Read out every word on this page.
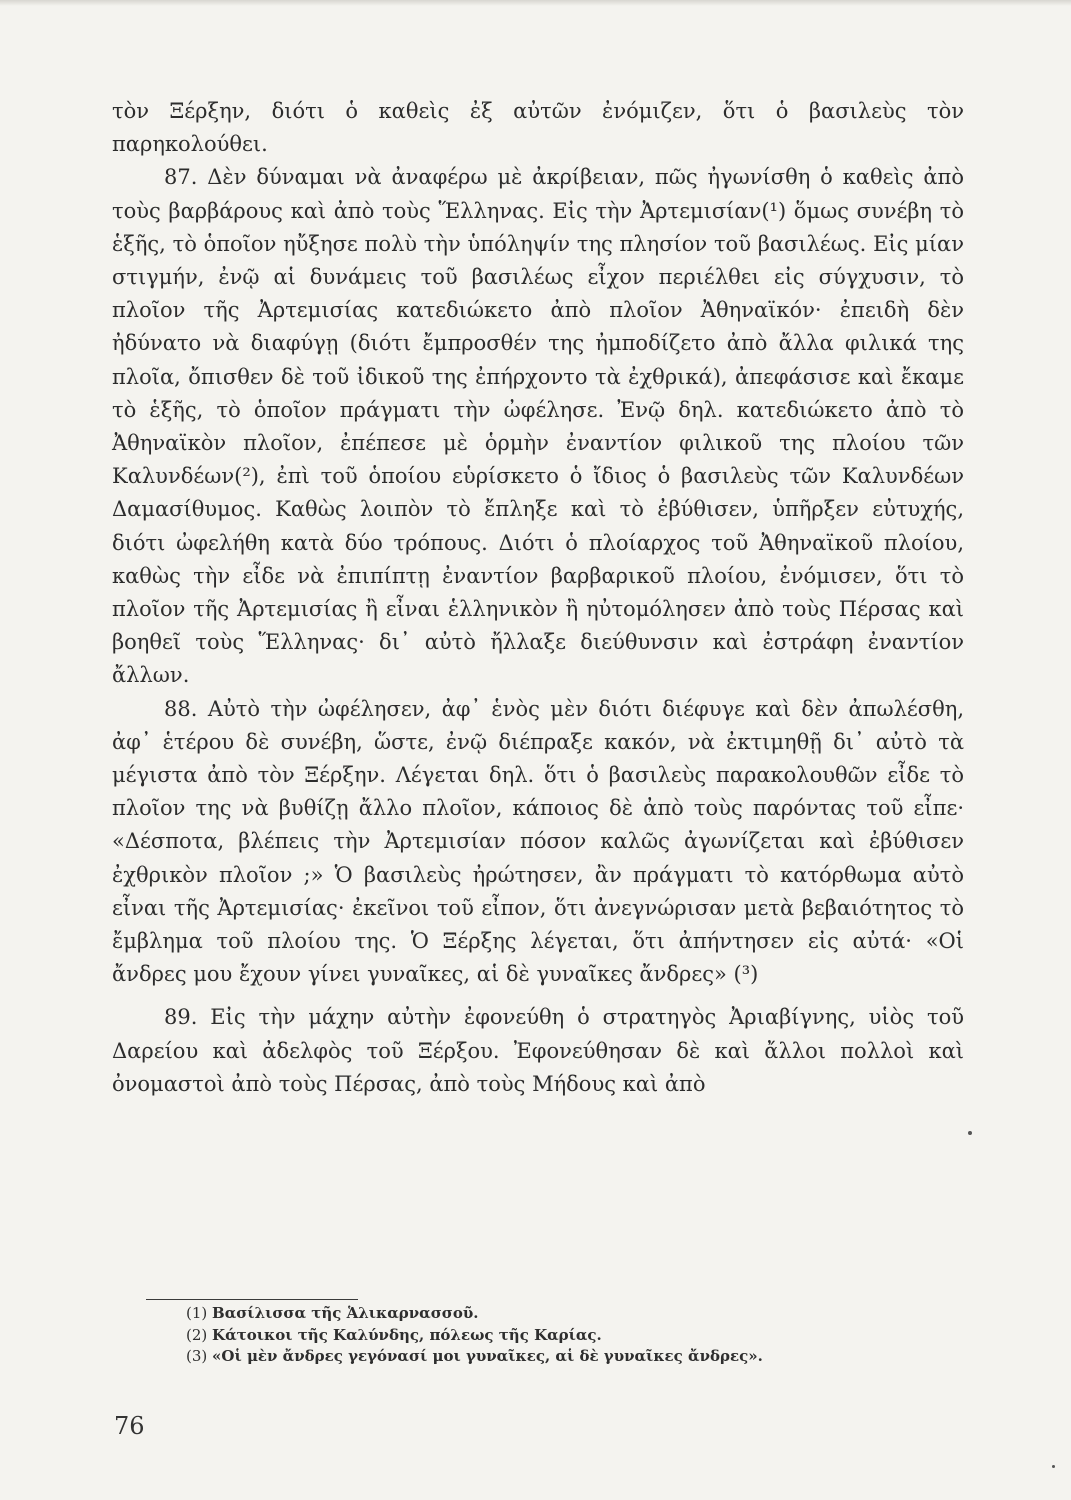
τὸν Ξέρξην, διότι ὁ καθεὶς ἐξ αὐτῶν ἐνόμιζεν, ὅτι ὁ βασιλεὺς τὸν παρηκολούθει.

87. Δὲν δύναμαι νὰ ἀναφέρω μὲ ἀκρίβειαν, πῶς ἠγωνίσθη ὁ καθεὶς ἀπὸ τοὺς βαρβάρους καὶ ἀπὸ τοὺς Ἕλληνας. Εἰς τὴν Ἀρτεμισίαν(¹) ὅμως συνέβη τὸ ἑξῆς, τὸ ὁποῖον ηὔξησε πολὺ τὴν ὑπόληψίν της πλησίον τοῦ βασιλέως. Εἰς μίαν στιγμήν, ἐνῷ αἱ δυνάμεις τοῦ βασιλέως εἶχον περιέλθει εἰς σύγχυσιν, τὸ πλοῖον τῆς Ἀρτεμισίας κατεδιώκετο ἀπὸ πλοῖον Ἀθηναϊκόν· ἐπειδὴ δὲν ἠδύνατο νὰ διαφύγῃ (διότι ἔμπροσθέν της ἠμποδίζετο ἀπὸ ἄλλα φιλικά της πλοῖα, ὄπισθεν δὲ τοῦ ἰδικοῦ της ἐπήρχοντο τὰ ἐχθρικά), ἀπεφάσισε καὶ ἔκαμε τὸ ἑξῆς, τὸ ὁποῖον πράγματι τὴν ὠφέλησε. Ἐνῷ δηλ. κατεδιώκετο ἀπὸ τὸ Ἀθηναϊκὸν πλοῖον, ἐπέπεσε μὲ ὁρμὴν ἐναντίον φιλικοῦ της πλοίου τῶν Καλυνδέων(²), ἐπὶ τοῦ ὁποίου εὑρίσκετο ὁ ἴδιος ὁ βασιλεὺς τῶν Καλυνδέων Δαμασίθυμος. Καθὼς λοιπὸν τὸ ἔπληξε καὶ τὸ ἐβύθισεν, ὑπῆρξεν εὐτυχής, διότι ὠφελήθη κατὰ δύο τρόπους. Διότι ὁ πλοίαρχος τοῦ Ἀθηναϊκοῦ πλοίου, καθὼς τὴν εἶδε νὰ ἐπιπίπτῃ ἐναντίον βαρβαρικοῦ πλοίου, ἐνόμισεν, ὅτι τὸ πλοῖον τῆς Ἀρτεμισίας ἢ εἶναι ἑλληνικὸν ἢ ηὐτομόλησεν ἀπὸ τοὺς Πέρσας καὶ βοηθεῖ τοὺς Ἕλληνας· δι᾽ αὐτὸ ἤλλαξε διεύθυνσιν καὶ ἐστράφη ἐναντίον ἄλλων.

88. Αὐτὸ τὴν ὠφέλησεν, ἀφ᾽ ἑνὸς μὲν διότι διέφυγε καὶ δὲν ἀπωλέσθη, ἀφ᾽ ἑτέρου δὲ συνέβη, ὥστε, ἐνῷ διέπραξε κακόν, νὰ ἐκτιμηθῇ δι᾽ αὐτὸ τὰ μέγιστα ἀπὸ τὸν Ξέρξην. Λέγεται δηλ. ὅτι ὁ βασιλεὺς παρακολουθῶν εἶδε τὸ πλοῖον της νὰ βυθίζῃ ἄλλο πλοῖον, κάποιος δὲ ἀπὸ τοὺς παρόντας τοῦ εἶπε· «Δέσποτα, βλέπεις τὴν Ἀρτεμισίαν πόσον καλῶς ἀγωνίζεται καὶ ἐβύθισεν ἐχθρικὸν πλοῖον ;» Ὁ βασιλεὺς ἠρώτησεν, ἂν πράγματι τὸ κατόρθωμα αὐτὸ εἶναι τῆς Ἀρτεμισίας· ἐκεῖνοι τοῦ εἶπον, ὅτι ἀνεγνώρισαν μετὰ βεβαιότητος τὸ ἔμβλημα τοῦ πλοίου της. Ὁ Ξέρξης λέγεται, ὅτι ἀπήντησεν εἰς αὐτά· «Οἱ ἄνδρες μου ἔχουν γίνει γυναῖκες, αἱ δὲ γυναῖκες ἄνδρες» (³)

89. Εἰς τὴν μάχην αὐτὴν ἐφονεύθη ὁ στρατηγὸς Ἀριαβίγνης, υἱὸς τοῦ Δαρείου καὶ ἀδελφὸς τοῦ Ξέρξου. Ἐφονεύθησαν δὲ καὶ ἄλλοι πολλοὶ καὶ ὀνομαστοὶ ἀπὸ τοὺς Πέρσας, ἀπὸ τοὺς Μήδους καὶ ἀπὸ

(1) Βασίλισσα τῆς Ἁλικαρνασσοῦ.
(2) Κάτοικοι τῆς Καλύνδης, πόλεως τῆς Καρίας.
(3) «Οἱ μὲν ἄνδρες γεγόνασί μοι γυναῖκες, αἱ δὲ γυναῖκες ἄνδρες».
76
